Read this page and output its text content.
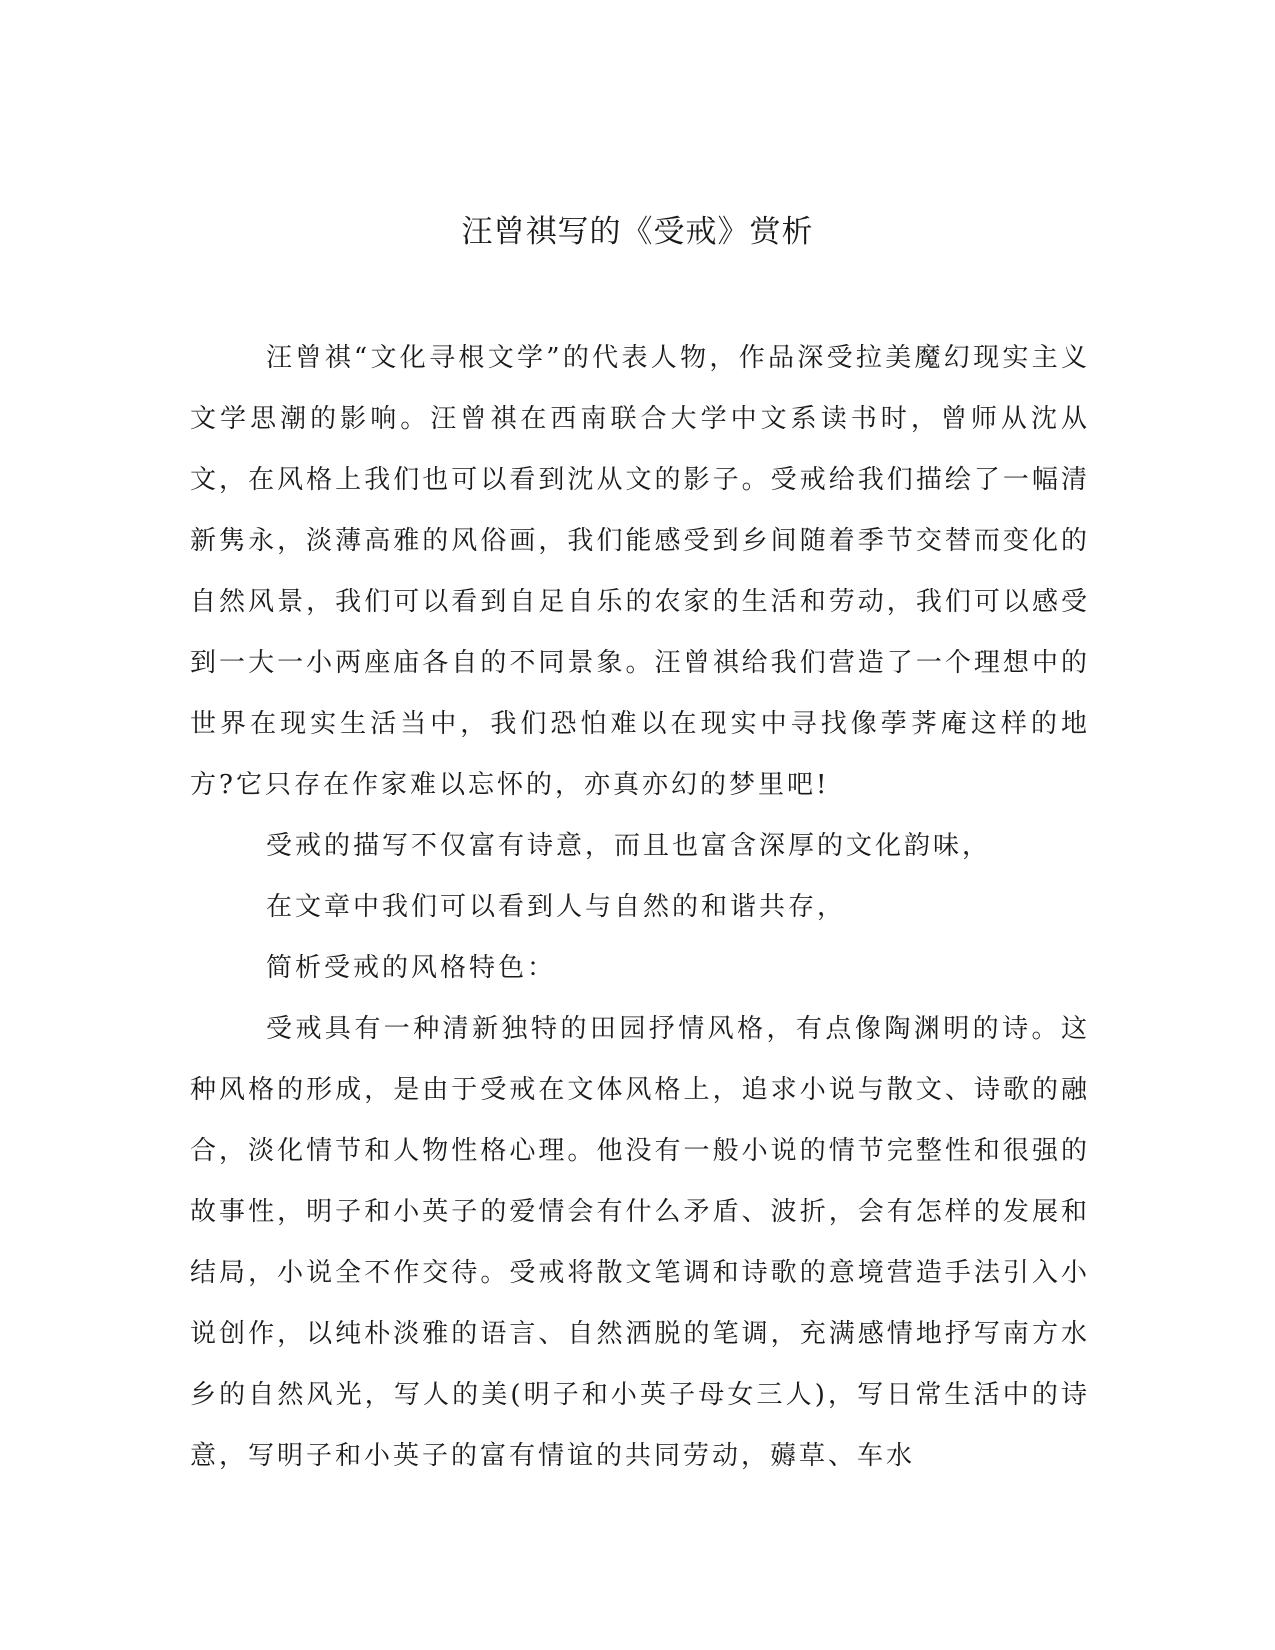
汪曾祺写的《受戒》赏析

汪曾祺“文化寻根文学”的代表人物，作品深受拉美魔幻现实主义文学思潮的影响。汪曾祺在西南联合大学中文系读书时，曾师从沈从文，在风格上我们也可以看到沈从文的影子。受戒给我们描绘了一幅清新隽永，淡薄高雅的风俗画，我们能感受到乡间随着季节交替而变化的自然风景，我们可以看到自足自乐的农家的生活和劳动，我们可以感受到一大一小两座庙各自的不同景象。汪曾祺给我们营造了一个理想中的世界在现实生活当中，我们恐怕难以在现实中寻找像荸荠庵这样的地方?它只存在作家难以忘怀的，亦真亦幻的梦里吧!

受戒的描写不仅富有诗意，而且也富含深厚的文化韵味，

在文章中我们可以看到人与自然的和谐共存，

简析受戒的风格特色：

受戒具有一种清新独特的田园抒情风格，有点像陶渊明的诗。这种风格的形成，是由于受戒在文体风格上，追求小说与散文、诗歌的融合，淡化情节和人物性格心理。他没有一般小说的情节完整性和很强的故事性，明子和小英子的爱情会有什么矛盾、波折，会有怎样的发展和结局，小说全不作交待。受戒将散文笔调和诗歌的意境营造手法引入小说创作，以纯朴淡雅的语言、自然洒脱的笔调，充满感情地抒写南方水乡的自然风光，写人的美(明子和小英子母女三人)，写日常生活中的诗意，写明子和小英子的富有情谊的共同劳动，薅草、车水
